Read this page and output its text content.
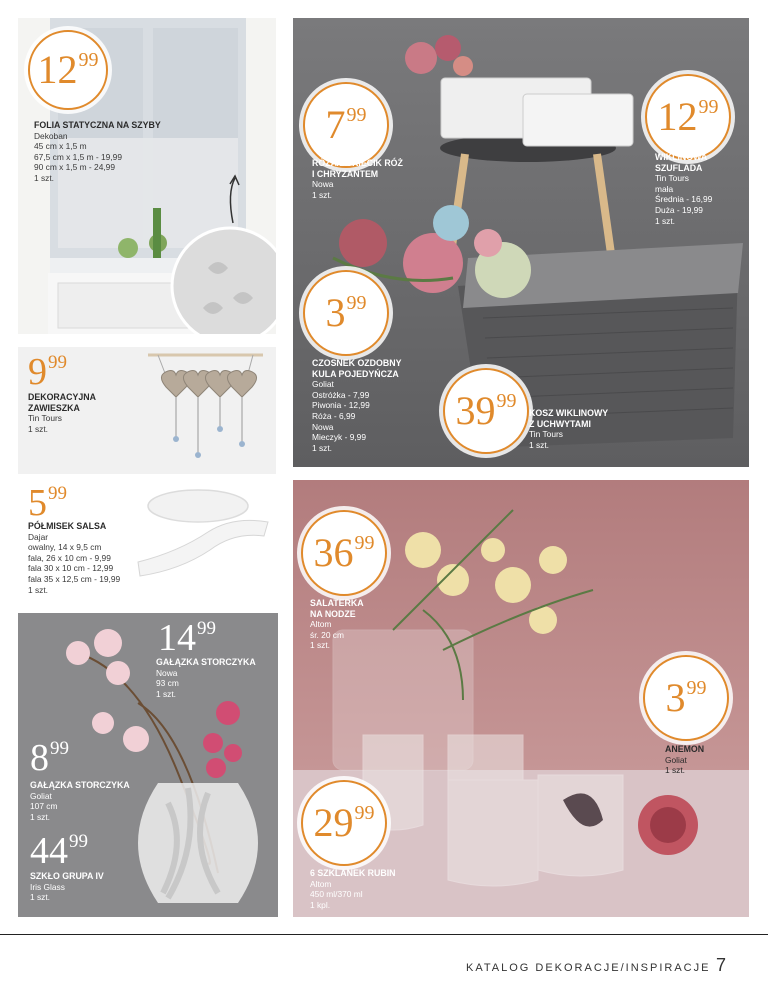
1299
FOLIA STATYCZNA NA SZYBY
Dekoban
45 cm x 1,5 m
67,5 cm x 1,5 m - 19,99
90 cm x 1,5 m - 24,99
1 szt.
799
RÓŻA/BUKIECIK RÓŻ
I CHRYZANTEM
Nowa
1 szt.
1299
WIKLINOWA
SZUFLADA
Tin Tours
mała
Średnia - 16,99
Duża - 19,99
1 szt.
399
CZOSNEK OZDOBNY
KULA POJEDYŃCZA
Goliat
Ostróżka - 7,99
Piwonia - 12,99
Róża - 6,99
Nowa
Mieczyk - 9,99
1 szt.
3999
KOSZ WIKLINOWY
Z UCHWYTAMI
Tin Tours
1 szt.
999
DEKORACYJNA
ZAWIESZKA
Tin Tours
1 szt.
599
PÓŁMISEK SALSA
Dajar
owalny, 14 x 9,5 cm
fala, 26 x 10 cm - 9,99
fala 30 x 10 cm - 12,99
fala 35 x 12,5 cm - 19,99
1 szt.
1499
GAŁĄZKA STORCZYKA
Nowa
93 cm
1 szt.
899
GAŁĄZKA STORCZYKA
Goliat
107 cm
1 szt.
4499
SZKŁO GRUPA IV
Iris Glass
1 szt.
3699
SALATERKA
NA NODZE
Altom
śr. 20 cm
1 szt.
399
ANEMON
Goliat
1 szt.
2999
6 SZKLANEK RUBIN
Altom
450 ml/370 ml
1 kpl.
KATALOG DEKORACJE/INSPIRACJE 7
